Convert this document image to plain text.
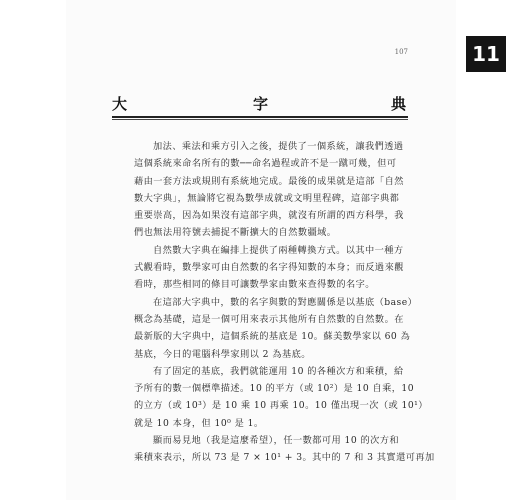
11
107
大	字	典
加法、乘法和乘方引入之後，提供了一個系統，讓我們透過
這個系統來命名所有的數──命名過程或許不是一蹴可幾，但可
藉由一套方法或規則有系統地完成。最後的成果就是這部「自然
數大字典」，無論將它視為數學成就或文明里程碑，這部字典都
重要崇高，因為如果沒有這部字典，就沒有所謂的西方科學，我
們也無法用符號去捕捉不斷擴大的自然數疆域。
自然數大字典在編排上提供了兩種轉換方式。以其中一種方
式觀看時，數學家可由自然數的名字得知數的本身；而反過來觀
看時，那些相同的條目可讓數學家由數來查得數的名字。
在這部大字典中，數的名字與數的對應關係是以基底（base）
概念為基礎，這是一個可用來表示其他所有自然數的自然數。在
最新版的大字典中，這個系統的基底是 10。蘇美數學家以 60 為
基底，今日的電腦科學家則以 2 為基底。
有了固定的基底，我們就能運用 10 的各種次方和乘積，給
予所有的數一個標準描述。10 的平方（或 10²）是 10 自乘，10
的立方（或 10³）是 10 乘 10 再乘 10。10 僅出現一次（或 10¹）
就是 10 本身，但 10⁰ 是 1。
顯而易見地（我是這麼希望），任一數都可用 10 的次方和
乘積來表示，所以 73 是 7 × 10¹ + 3。其中的 7 和 3 其實還可再加
